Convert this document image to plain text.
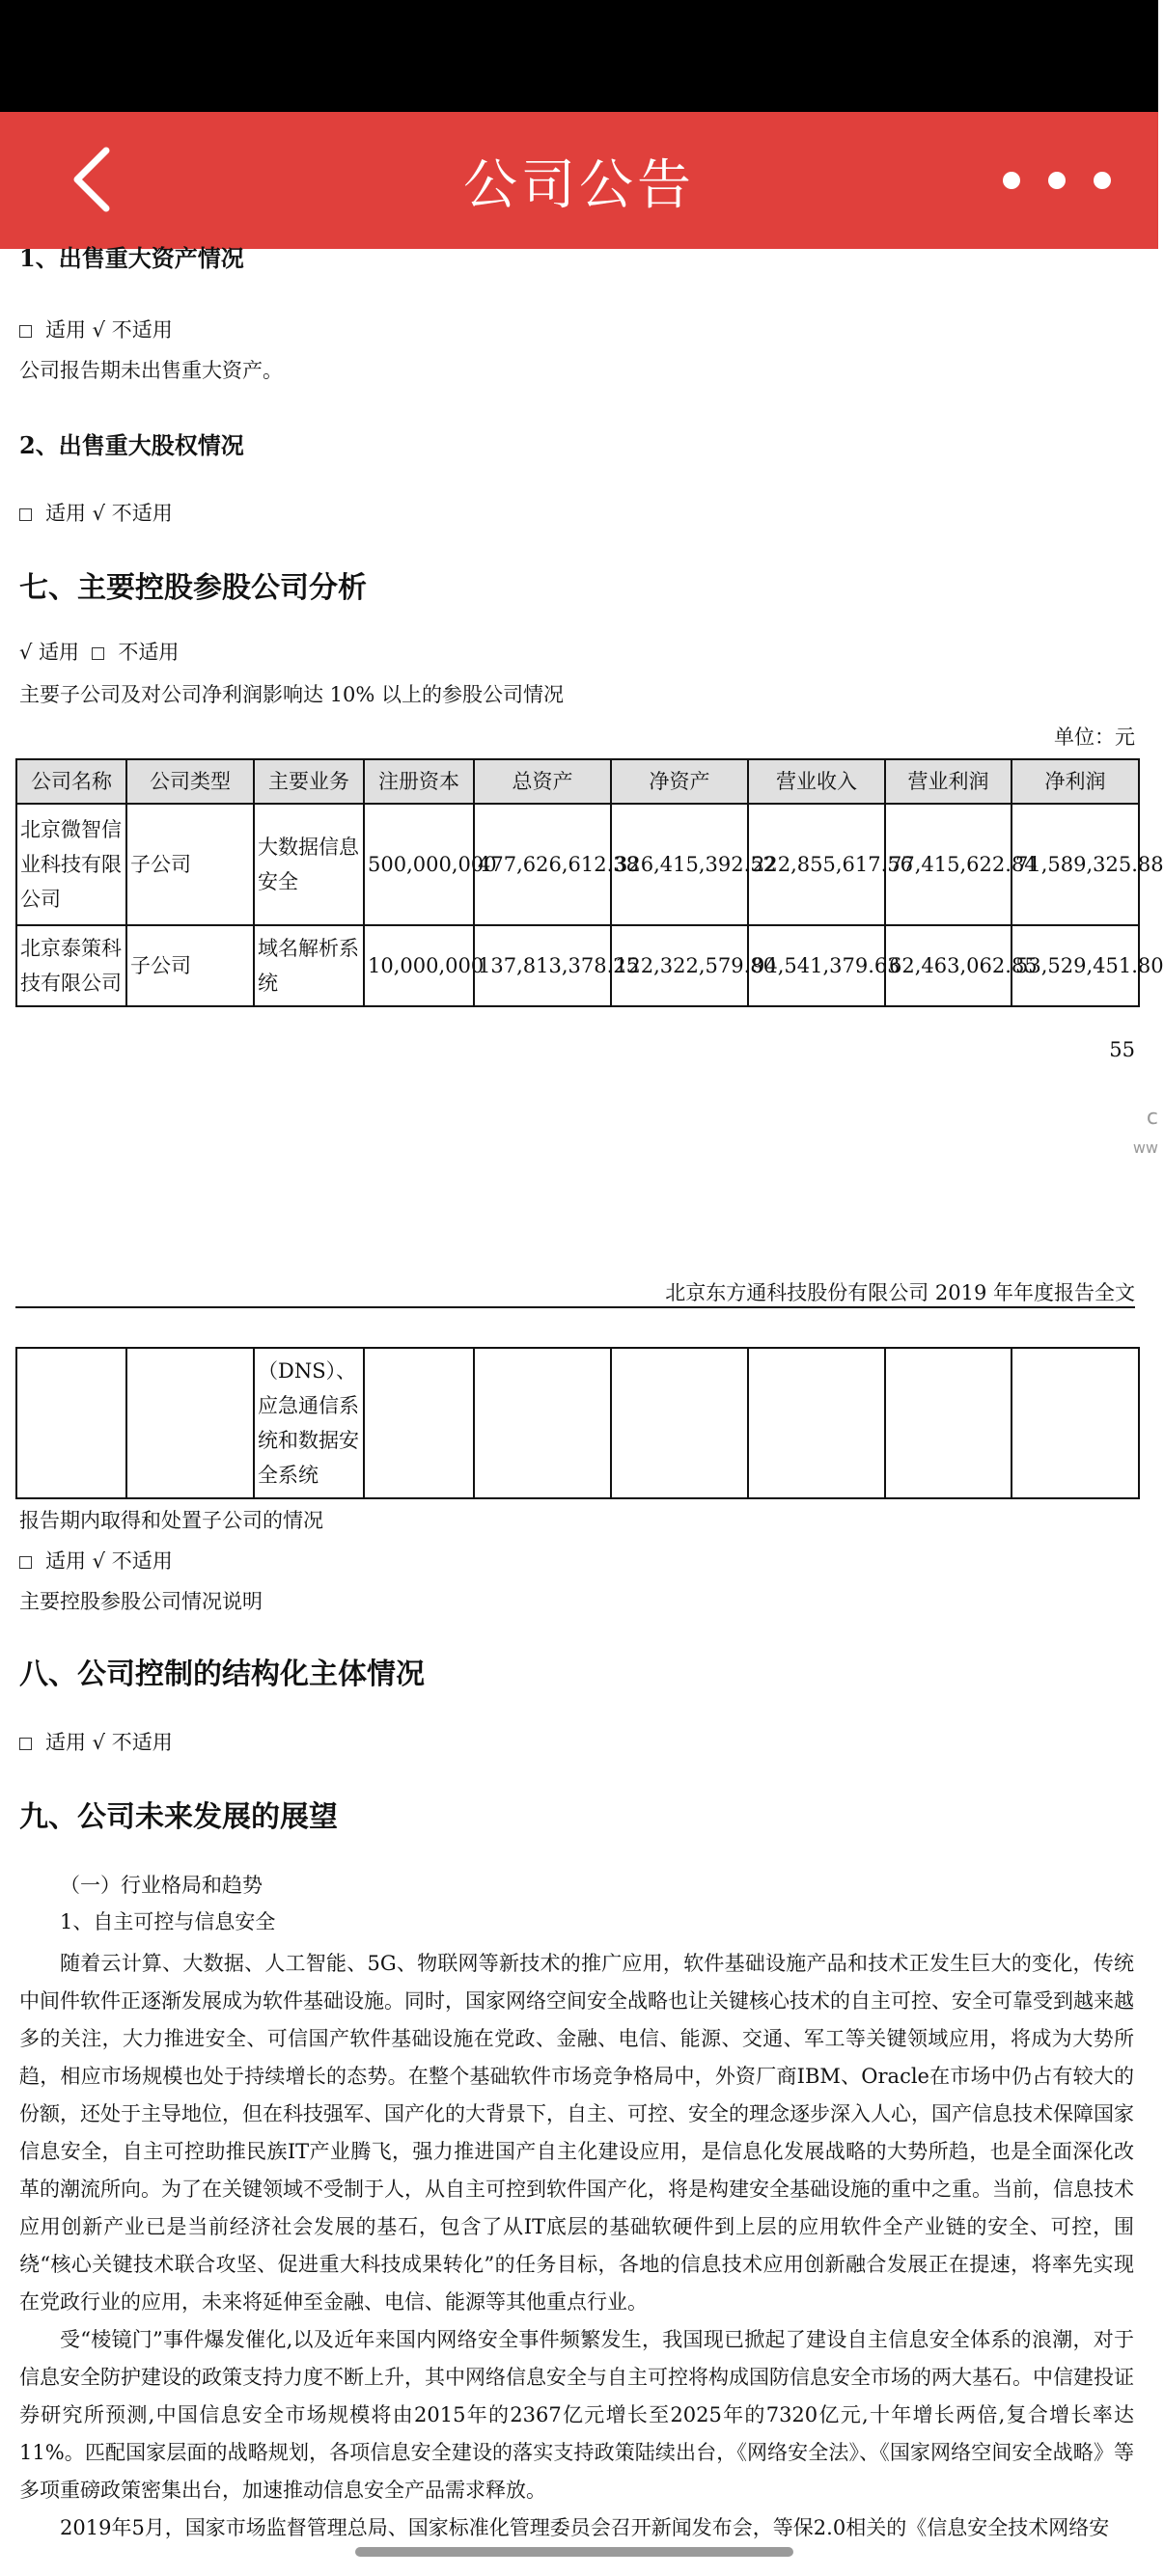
公司公告
1、出售重大资产情况
适用 √ 不适用
公司报告期未出售重大资产。
2、出售重大股权情况
适用 √ 不适用
七、主要控股参股公司分析
√ 适用 不适用
主要子公司及对公司净利润影响达 10% 以上的参股公司情况
单位：元
公司名称	公司类型	主要业务	注册资本	总资产	净资产	营业收入	营业利润	净利润
北京微智信业科技有限公司	子公司	大数据信息安全	500,000,000	477,626,612.38	326,415,392.52	222,855,617.56	77,415,622.84	71,589,325.88
北京泰策科技有限公司	子公司	域名解析系统	10,000,000	137,813,378.25	122,322,579.80	94,541,379.63	62,463,062.85	53,529,451.80
55
c
ww
北京东方通科技股份有限公司 2019 年年度报告全文
		（DNS）、应急通信系统和数据安全系统						
报告期内取得和处置子公司的情况
适用 √ 不适用
主要控股参股公司情况说明
八、公司控制的结构化主体情况
适用 √ 不适用
九、公司未来发展的展望
（一）行业格局和趋势
1、自主可控与信息安全

随着云计算、大数据、人工智能、5G、物联网等新技术的推广应用，软件基础设施产品和技术正发生巨大的变化，传统中间件软件正逐渐发展成为软件基础设施。同时，国家网络空间安全战略也让关键核心技术的自主可控、安全可靠受到越来越多的关注，大力推进安全、可信国产软件基础设施在党政、金融、电信、能源、交通、军工等关键领域应用，将成为大势所趋，相应市场规模也处于持续增长的态势。在整个基础软件市场竞争格局中，外资厂商IBM、Oracle在市场中仍占有较大的份额，还处于主导地位，但在科技强军、国产化的大背景下，自主、可控、安全的理念逐步深入人心，国产信息技术保障国家信息安全，自主可控助推民族IT产业腾飞，强力推进国产自主化建设应用，是信息化发展战略的大势所趋，也是全面深化改革的潮流所向。为了在关键领域不受制于人，从自主可控到软件国产化，将是构建安全基础设施的重中之重。当前，信息技术应用创新产业已是当前经济社会发展的基石，包含了从IT底层的基础软硬件到上层的应用软件全产业链的安全、可控，围绕“核心关键技术联合攻坚、促进重大科技成果转化”的任务目标，各地的信息技术应用创新融合发展正在提速，将率先实现在党政行业的应用，未来将延伸至金融、电信、能源等其他重点行业。

受“棱镜门”事件爆发催化,以及近年来国内网络安全事件频繁发生，我国现已掀起了建设自主信息安全体系的浪潮，对于信息安全防护建设的政策支持力度不断上升，其中网络信息安全与自主可控将构成国防信息安全市场的两大基石。中信建投证券研究所预测,中国信息安全市场规模将由2015年的2367亿元增长至2025年的7320亿元,十年增长两倍,复合增长率达11%。匹配国家层面的战略规划，各项信息安全建设的落实支持政策陆续出台，《网络安全法》、《国家网络空间安全战略》等多项重磅政策密集出台，加速推动信息安全产品需求释放。

2019年5月，国家市场监督管理总局、国家标准化管理委员会召开新闻发布会，等保2.0相关的《信息安全技术网络安
